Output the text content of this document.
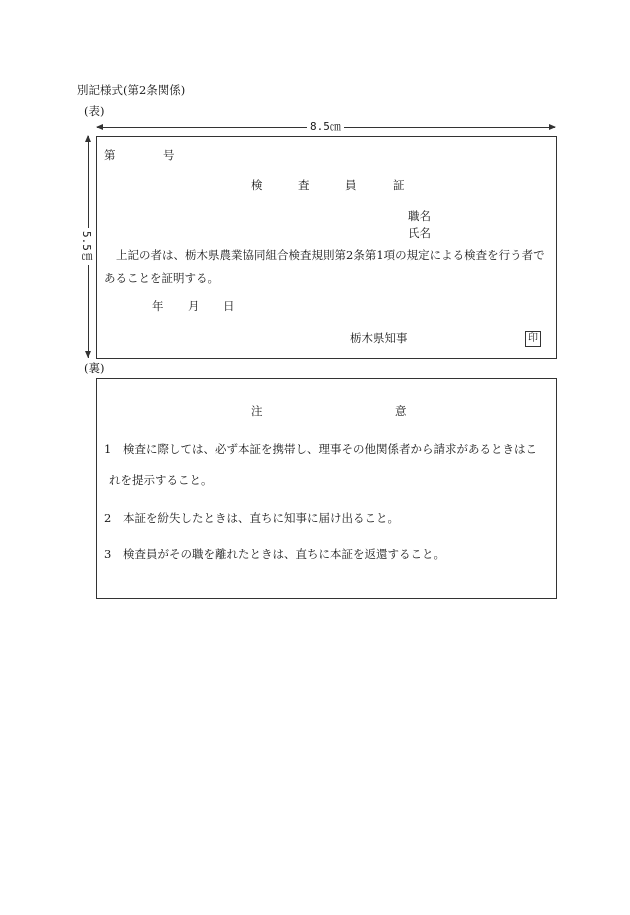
別記様式(第2条関係)
(表)
8.5㎝
5.5㎝
第	号
検	査	員	証
職名
氏名
上記の者は、栃木県農業協同組合検査規則第2条第1項の規定による検査を行う者で
あることを証明する。
年 月 日
栃木県知事	印
(裏)
注	意
1 検査に際しては、必ず本証を携帯し、理事その他関係者から請求があるときはこ
れを提示すること。
2 本証を紛失したときは、直ちに知事に届け出ること。
3 検査員がその職を離れたときは、直ちに本証を返還すること。
